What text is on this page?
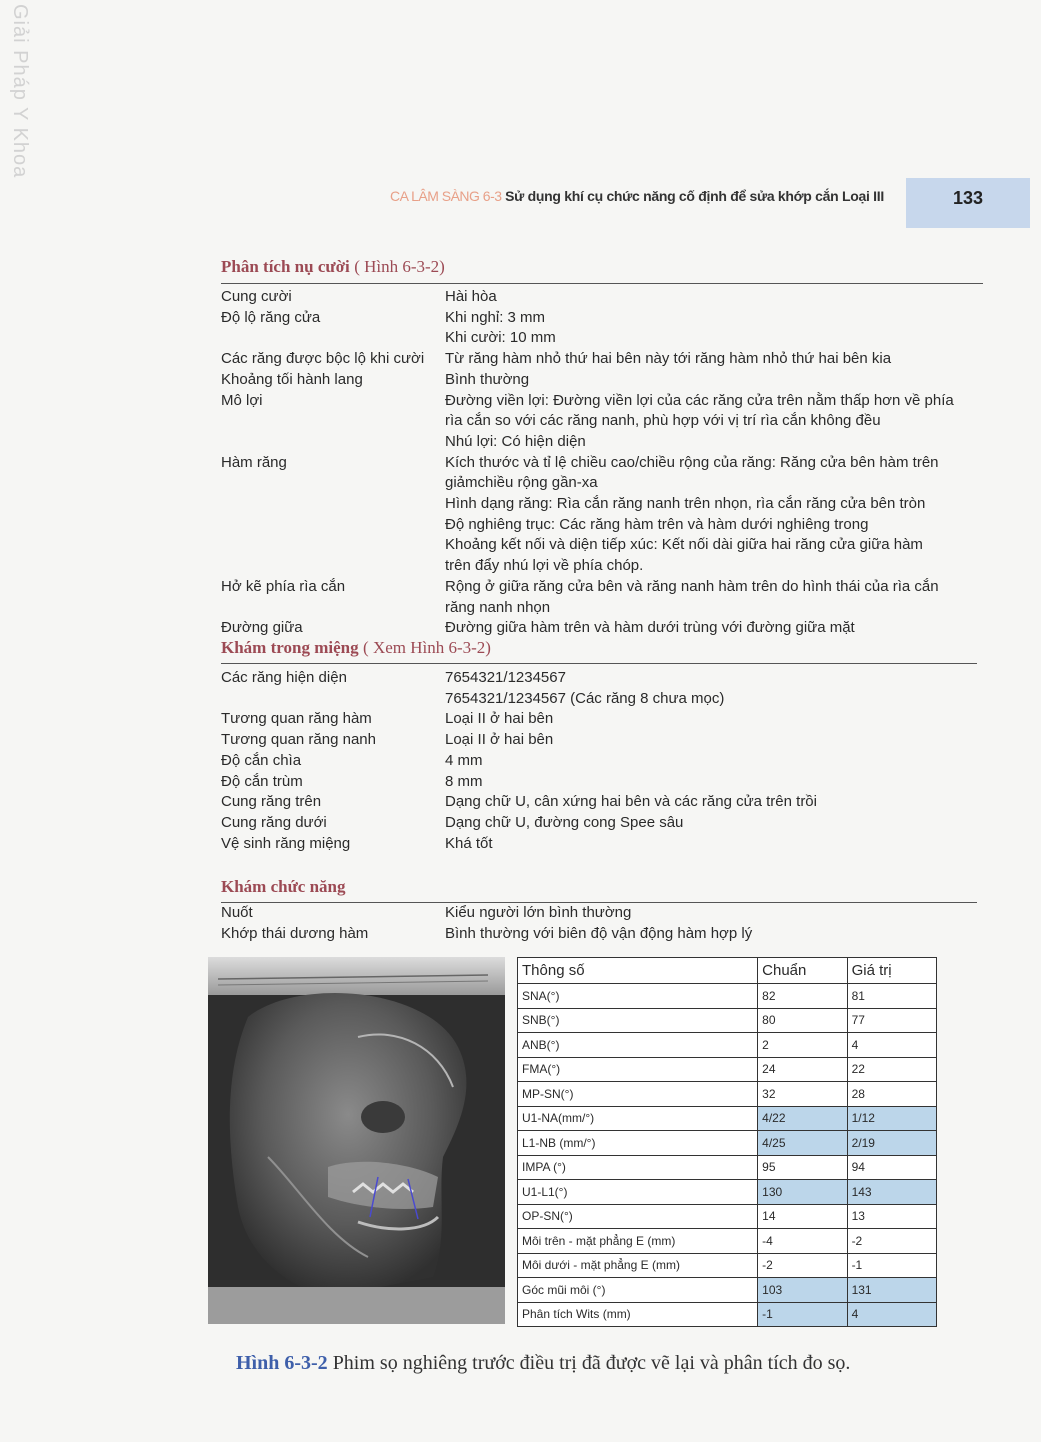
Giải Pháp Y Khoa
CA LÂM SÀNG 6-3 Sử dụng khí cụ chức năng cố định để sửa khớp cắn Loại III	133
Phân tích nụ cười ( Hình 6-3-2)
Cung cười	Hài hòa
Độ lộ răng cửa	Khi nghỉ: 3 mm
Khi cười: 10 mm
Các răng được bộc lộ khi cười	Từ răng hàm nhỏ thứ hai bên này tới răng hàm nhỏ thứ hai bên kia
Khoảng tối hành lang	Bình thường
Mô lợi	Đường viền lợi: Đường viền lợi của các răng cửa trên nằm thấp hơn về phía
rìa cắn so với các răng nanh, phù hợp với vị trí rìa cắn không đều
Nhú lợi: Có hiện diện
Hàm răng	Kích thước và tỉ lệ chiều cao/chiều rộng của răng: Răng cửa bên hàm trên
giảmchiều rộng gần-xa
Hình dạng răng: Rìa cắn răng nanh trên nhọn, rìa cắn răng cửa bên tròn
Độ nghiêng trục: Các răng hàm trên và hàm dưới nghiêng trong
Khoảng kết nối và diện tiếp xúc: Kết nối dài giữa hai răng cửa giữa hàm
trên đẩy nhú lợi về phía chóp.
Hở kẽ phía rìa cắn	Rộng ở giữa răng cửa bên và răng nanh hàm trên do hình thái của rìa cắn
răng nanh nhọn
Đường giữa	Đường giữa hàm trên và hàm dưới trùng với đường giữa mặt
Khám trong miệng ( Xem Hình 6-3-2)
Các răng hiện diện	7654321/1234567
7654321/1234567 (Các răng 8 chưa mọc)
Tương quan răng hàm	Loại II ở hai bên
Tương quan răng nanh	Loại II ở hai bên
Độ cắn chìa	4 mm
Độ cắn trùm	8 mm
Cung răng trên	Dạng chữ U, cân xứng hai bên và các răng cửa trên trồi
Cung răng dưới	Dạng chữ U, đường cong Spee sâu
Vệ sinh răng miệng	Khá tốt
Khám chức năng
Nuốt	Kiểu người lớn bình thường
Khớp thái dương hàm	Bình thường với biên độ vận động hàm hợp lý
Thông số	Chuẩn	Giá trị
SNA(°)	82	81
SNB(°)	80	77
ANB(°)	2	4
FMA(°)	24	22
MP-SN(°)	32	28
U1-NA(mm/°)	4/22	1/12
L1-NB (mm/°)	4/25	2/19
IMPA (°)	95	94
U1-L1(°)	130	143
OP-SN(°)	14	13
Môi trên - mặt phẳng E (mm)	-4	-2
Môi dưới - mặt phẳng E (mm)	-2	-1
Góc mũi môi (°)	103	131
Phân tích Wits (mm)	-1	4
Hình 6-3-2 Phim sọ nghiêng trước điều trị đã được vẽ lại và phân tích đo sọ.
